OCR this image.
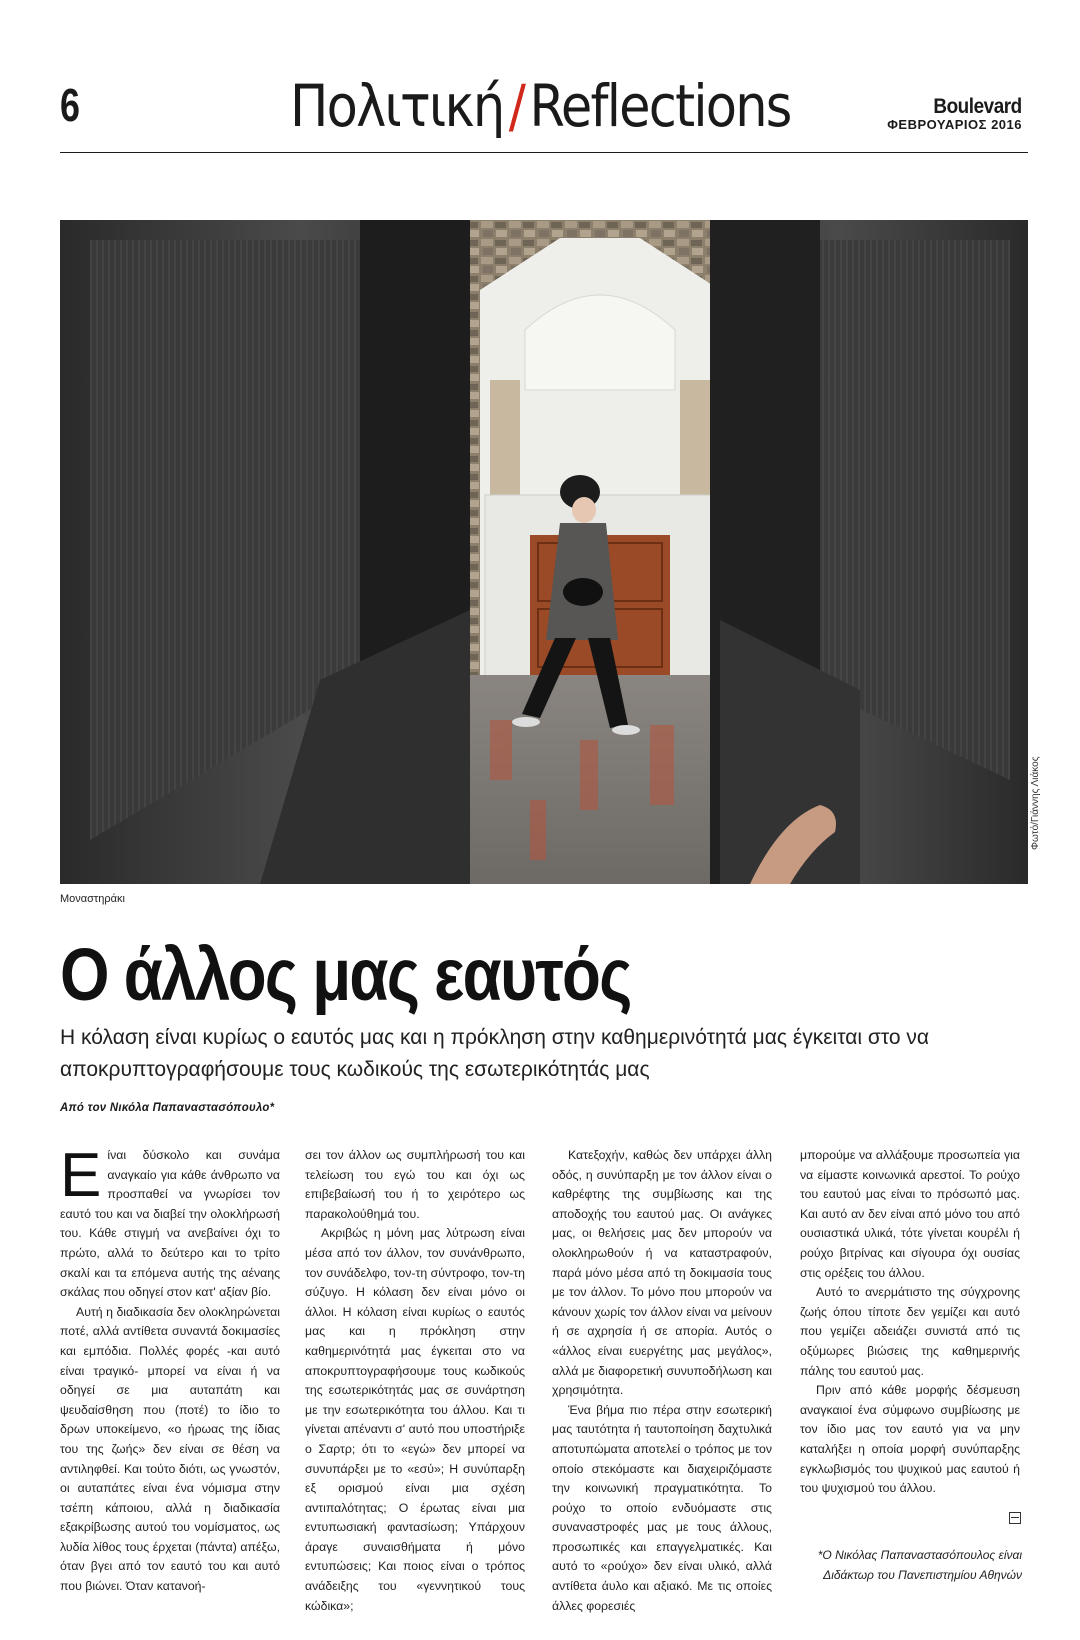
6	Πολιτική/Reflections	Boulevard
ΦΕΒΡΟΥΑΡΙΟΣ 2016
Φωτό/Γιάννης Λιάκος
Μοναστηράκι
Ο άλλος μας εαυτός
Η κόλαση είναι κυρίως ο εαυτός μας και η πρόκληση στην καθημερινότητά μας έγκειται στο να αποκρυπτογραφήσουμε τους κωδικούς της εσωτερικότητάς μας
Από τον Νικόλα Παπαναστασόπουλο*

Είναι δύσκολο και συνάμα αναγκαίο για κάθε άνθρωπο να προσπαθεί να γνωρίσει τον εαυτό του και να διαβεί την ολοκλήρωσή του. Κάθε στιγμή να ανεβαίνει όχι το πρώτο, αλλά το δεύτερο και το τρίτο σκαλί και τα επόμενα αυτής της αέναης σκάλας που οδηγεί στον κατ' αξίαν βίο.

Αυτή η διαδικασία δεν ολοκληρώνεται ποτέ, αλλά αντίθετα συναντά δοκιμασίες και εμπόδια. Πολλές φορές -και αυτό είναι τραγικό- μπορεί να είναι ή να οδηγεί σε μια αυταπάτη και ψευδαίσθηση που (ποτέ) το ίδιο το δρων υποκείμενο, «ο ήρωας της ίδιας του της ζωής» δεν είναι σε θέση να αντιληφθεί. Και τούτο διότι, ως γνωστόν, οι αυταπάτες είναι ένα νόμισμα στην τσέπη κάποιου, αλλά η διαδικασία εξακρίβωσης αυτού του νομίσματος, ως λυδία λίθος τους έρχεται (πάντα) απέξω, όταν βγει από τον εαυτό του και αυτό που βιώνει. Όταν κατανοή-

σει τον άλλον ως συμπλήρωσή του και τελείωση του εγώ του και όχι ως επιβεβαίωσή του ή το χειρότερο ως παρακολούθημά του.

Ακριβώς η μόνη μας λύτρωση είναι μέσα από τον άλλον, τον συνάνθρωπο, τον συνάδελφο, τον-τη σύντροφο, τον-τη σύζυγο. Η κόλαση δεν είναι μόνο οι άλλοι. Η κόλαση είναι κυρίως ο εαυτός μας και η πρόκληση στην καθημερινότητά μας έγκειται στο να αποκρυπτογραφήσουμε τους κωδικούς της εσωτερικότητάς μας σε συνάρτηση με την εσωτερικότητα του άλλου. Και τι γίνεται απέναντι σ' αυτό που υποστήριξε ο Σαρτρ; ότι το «εγώ» δεν μπορεί να συνυπάρξει με το «εσύ»; Η συνύπαρξη εξ ορισμού είναι μια σχέση αντιπαλότητας; Ο έρωτας είναι μια εντυπωσιακή φαντασίωση; Υπάρχουν άραγε συναισθήματα ή μόνο εντυπώσεις; Και ποιος είναι ο τρόπος ανάδειξης του «γεννητικού τους κώδικα»;

Κατεξοχήν, καθώς δεν υπάρχει άλλη οδός, η συνύπαρξη με τον άλλον είναι ο καθρέφτης της συμβίωσης και της αποδοχής του εαυτού μας. Οι ανάγκες μας, οι θελήσεις μας δεν μπορούν να ολοκληρωθούν ή να καταστραφούν, παρά μόνο μέσα από τη δοκιμασία τους με τον άλλον. Το μόνο που μπορούν να κάνουν χωρίς τον άλλον είναι να μείνουν ή σε αχρησία ή σε απορία. Αυτός ο «άλλος είναι ευεργέτης μας μεγάλος», αλλά με διαφορετική συνυποδήλωση και χρησιμότητα.

Ένα βήμα πιο πέρα στην εσωτερική μας ταυτότητα ή ταυτοποίηση δαχτυλικά αποτυπώματα αποτελεί ο τρόπος με τον οποίο στεκόμαστε και διαχειριζόμαστε την κοινωνική πραγματικότητα. Το ρούχο το οποίο ενδυόμαστε στις συναναστροφές μας με τους άλλους, προσωπικές και επαγγελματικές. Και αυτό το «ρούχο» δεν είναι υλικό, αλλά αντίθετα άυλο και αξιακό. Με τις οποίες άλλες φορεσιές

μπορούμε να αλλάξουμε προσωπεία για να είμαστε κοινωνικά αρεστοί. Το ρούχο του εαυτού μας είναι το πρόσωπό μας. Και αυτό αν δεν είναι από μόνο του από ουσιαστικά υλικά, τότε γίνεται κουρέλι ή ρούχο βιτρίνας και σίγουρα όχι ουσίας στις ορέξεις του άλλου.

Αυτό το ανερμάτιστο της σύγχρονης ζωής όπου τίποτε δεν γεμίζει και αυτό που γεμίζει αδειάζει συνιστά από τις οξύμωρες βιώσεις της καθημερινής πάλης του εαυτού μας.

Πριν από κάθε μορφής δέσμευση αναγκαιοί ένα σύμφωνο συμβίωσης με τον ίδιο μας τον εαυτό για να μην καταλήξει η οποία μορφή συνύπαρξης εγκλωβισμός του ψυχικού μας εαυτού ή του ψυχισμού του άλλου.

*Ο Νικόλας Παπαναστασόπουλος είναι Διδάκτωρ του Πανεπιστημίου Αθηνών
